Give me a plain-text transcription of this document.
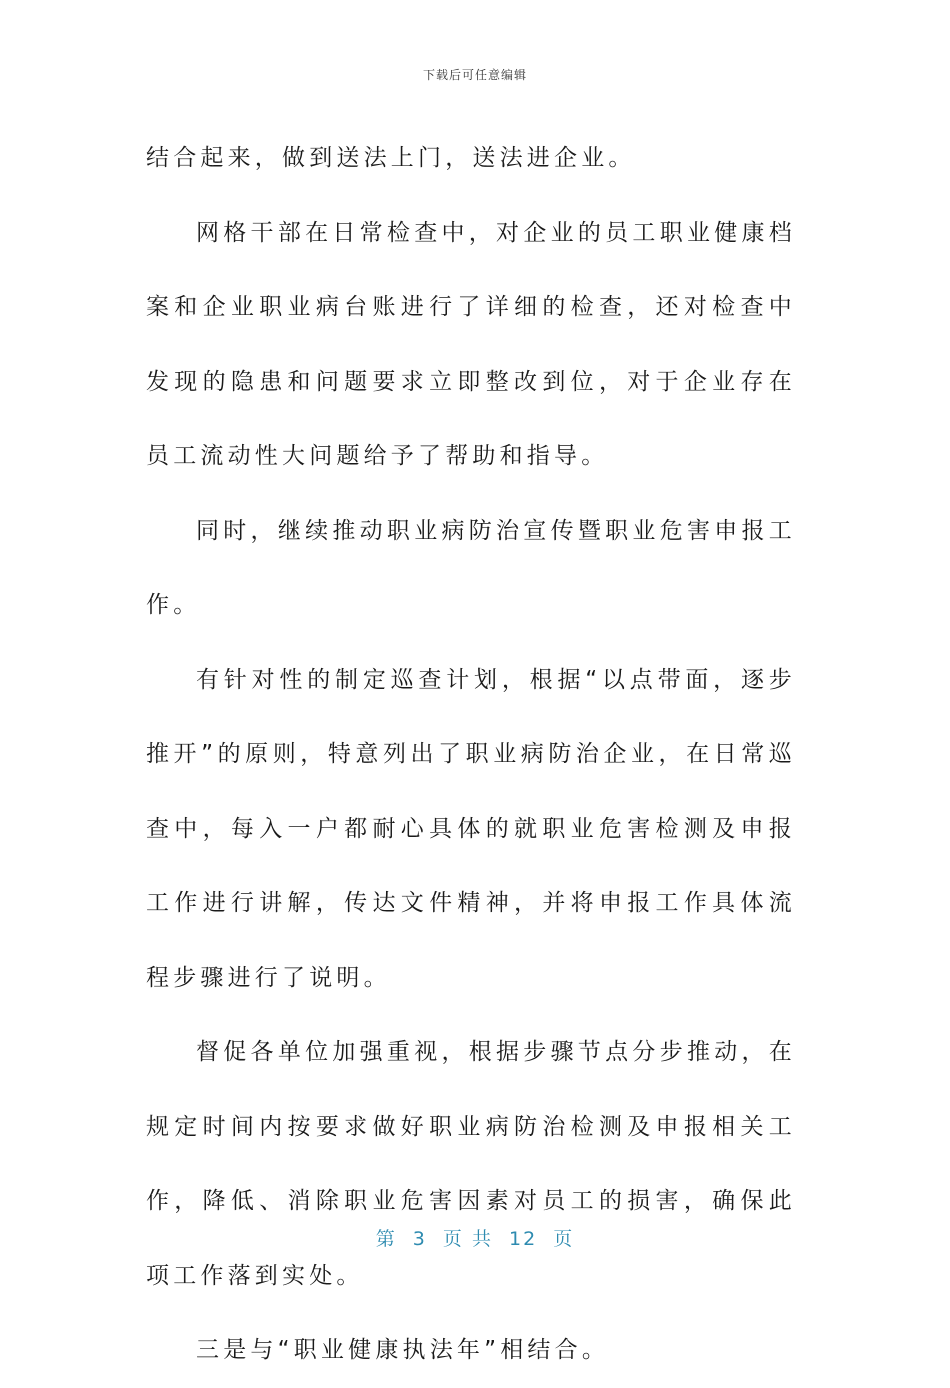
下载后可任意编辑

结合起来，做到送法上门，送法进企业。

网格干部在日常检查中，对企业的员工职业健康档案和企业职业病台账进行了详细的检查，还对检查中发现的隐患和问题要求立即整改到位，对于企业存在员工流动性大问题给予了帮助和指导。

同时，继续推动职业病防治宣传暨职业危害申报工作。

有针对性的制定巡查计划，根据“以点带面，逐步推开”的原则，特意列出了职业病防治企业，在日常巡查中，每入一户都耐心具体的就职业危害检测及申报工作进行讲解，传达文件精神，并将申报工作具体流程步骤进行了说明。

督促各单位加强重视，根据步骤节点分步推动，在规定时间内按要求做好职业病防治检测及申报相关工作，降低、消除职业危害因素对员工的损害，确保此项工作落到实处。

三是与“职业健康执法年”相结合。

第  3  页 共  12  页
